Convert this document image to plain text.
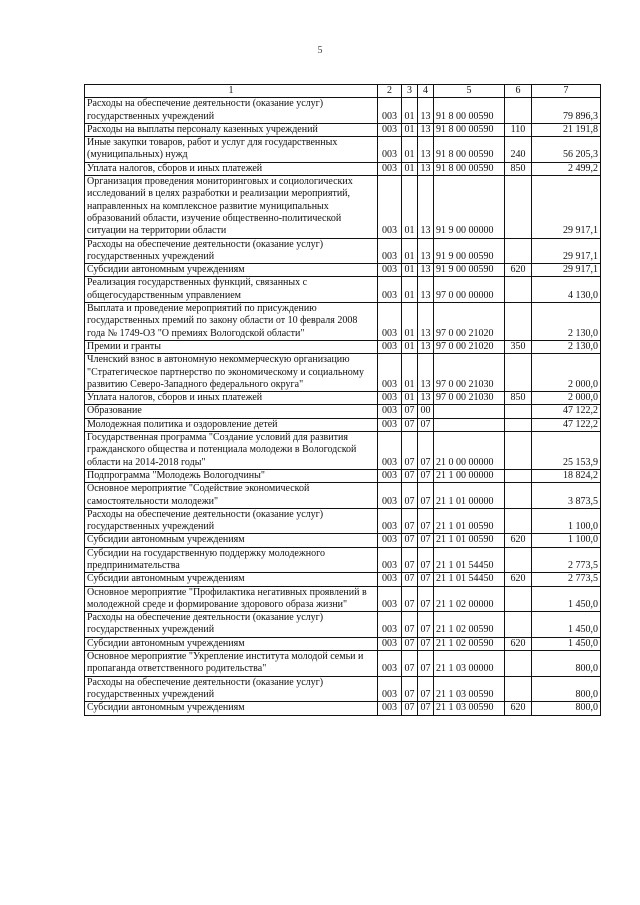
5
1	2	3	4	5	6	7
Расходы на обеспечение деятельности (оказание услуг) государственных учреждений	003	01	13	91 8 00 00590		79 896,3
Расходы на выплаты персоналу казенных учреждений	003	01	13	91 8 00 00590	110	21 191,8
Иные закупки товаров, работ и услуг для государственных (муниципальных) нужд	003	01	13	91 8 00 00590	240	56 205,3
Уплата налогов, сборов и иных платежей	003	01	13	91 8 00 00590	850	2 499,2
Организация проведения мониторинговых и социологических исследований в целях разработки и реализации мероприятий, направленных на комплексное развитие муниципальных образований области, изучение общественно-политической ситуации на территории области	003	01	13	91 9 00 00000		29 917,1
Расходы на обеспечение деятельности (оказание услуг) государственных учреждений	003	01	13	91 9 00 00590		29 917,1
Субсидии автономным учреждениям	003	01	13	91 9 00 00590	620	29 917,1
Реализация государственных функций, связанных с общегосударственным управлением	003	01	13	97 0 00 00000		4 130,0
Выплата и проведение мероприятий по присуждению государственных премий по закону области от 10 февраля 2008 года № 1749-ОЗ "О премиях Вологодской области"	003	01	13	97 0 00 21020		2 130,0
Премии и гранты	003	01	13	97 0 00 21020	350	2 130,0
Членский взнос в автономную некоммерческую организацию "Стратегическое партнерство по экономическому и социальному развитию Северо-Западного федерального округа"	003	01	13	97 0 00 21030		2 000,0
Уплата налогов, сборов и иных платежей	003	01	13	97 0 00 21030	850	2 000,0
Образование	003	07	00			47 122,2
Молодежная политика и оздоровление детей	003	07	07			47 122,2
Государственная программа "Создание условий для развития гражданского общества и потенциала молодежи в Вологодской области на 2014-2018 годы"	003	07	07	21 0 00 00000		25 153,9
Подпрограмма "Молодежь Вологодчины"	003	07	07	21 1 00 00000		18 824,2
Основное мероприятие "Содействие экономической самостоятельности молодежи"	003	07	07	21 1 01 00000		3 873,5
Расходы на обеспечение деятельности (оказание услуг) государственных учреждений	003	07	07	21 1 01 00590		1 100,0
Субсидии автономным учреждениям	003	07	07	21 1 01 00590	620	1 100,0
Субсидии на государственную поддержку молодежного предпринимательства	003	07	07	21 1 01 54450		2 773,5
Субсидии автономным учреждениям	003	07	07	21 1 01 54450	620	2 773,5
Основное мероприятие "Профилактика негативных проявлений в молодежной среде и формирование здорового образа жизни"	003	07	07	21 1 02 00000		1 450,0
Расходы на обеспечение деятельности (оказание услуг) государственных учреждений	003	07	07	21 1 02 00590		1 450,0
Субсидии автономным учреждениям	003	07	07	21 1 02 00590	620	1 450,0
Основное мероприятие "Укрепление института молодой семьи и пропаганда ответственного родительства"	003	07	07	21 1 03 00000		800,0
Расходы на обеспечение деятельности (оказание услуг) государственных учреждений	003	07	07	21 1 03 00590		800,0
Субсидии автономным учреждениям	003	07	07	21 1 03 00590	620	800,0
